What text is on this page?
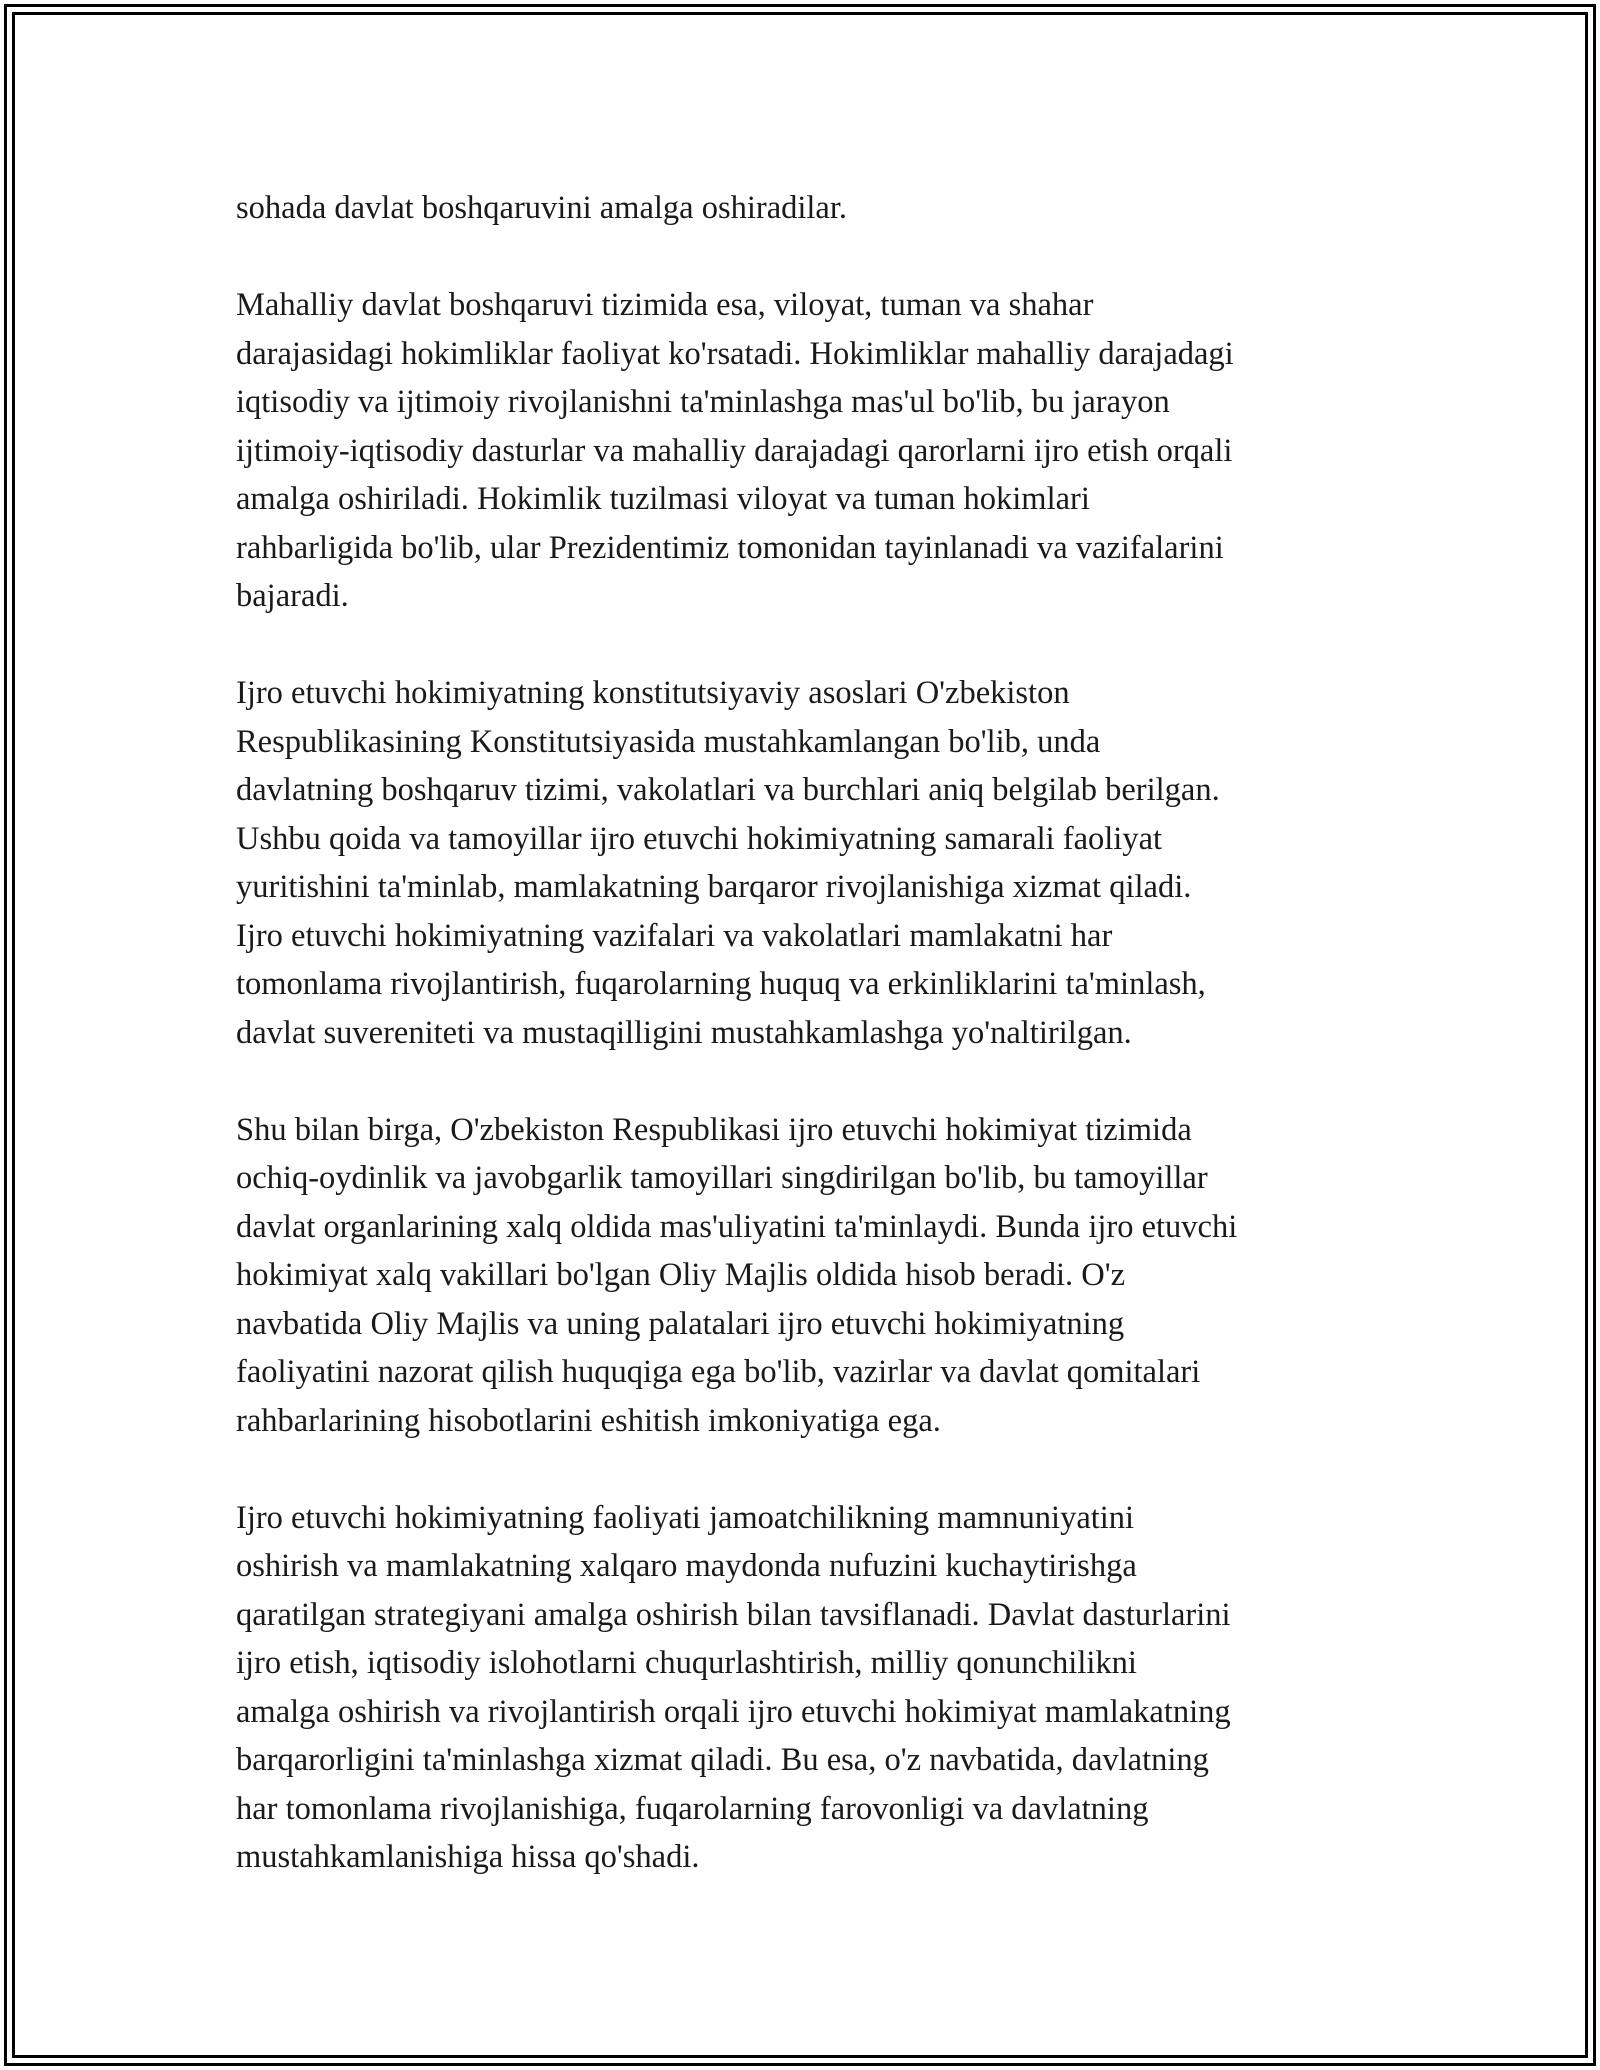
sohada davlat boshqaruvini amalga oshiradilar.

Mahalliy davlat boshqaruvi tizimida esa, viloyat, tuman va shahar
darajasidagi hokimliklar faoliyat ko'rsatadi. Hokimliklar mahalliy darajadagi
iqtisodiy va ijtimoiy rivojlanishni ta'minlashga mas'ul bo'lib, bu jarayon
ijtimoiy-iqtisodiy dasturlar va mahalliy darajadagi qarorlarni ijro etish orqali
amalga oshiriladi. Hokimlik tuzilmasi viloyat va tuman hokimlari
rahbarligida bo'lib, ular Prezidentimiz tomonidan tayinlanadi va vazifalarini
bajaradi.

Ijro etuvchi hokimiyatning konstitutsiyaviy asoslari O'zbekiston
Respublikasining Konstitutsiyasida mustahkamlangan bo'lib, unda
davlatning boshqaruv tizimi, vakolatlari va burchlari aniq belgilab berilgan.
Ushbu qoida va tamoyillar ijro etuvchi hokimiyatning samarali faoliyat
yuritishini ta'minlab, mamlakatning barqaror rivojlanishiga xizmat qiladi.
Ijro etuvchi hokimiyatning vazifalari va vakolatlari mamlakatni har
tomonlama rivojlantirish, fuqarolarning huquq va erkinliklarini ta'minlash,
davlat suvereniteti va mustaqilligini mustahkamlashga yo'naltirilgan.

Shu bilan birga, O'zbekiston Respublikasi ijro etuvchi hokimiyat tizimida
ochiq-oydinlik va javobgarlik tamoyillari singdirilgan bo'lib, bu tamoyillar
davlat organlarining xalq oldida mas'uliyatini ta'minlaydi. Bunda ijro etuvchi
hokimiyat xalq vakillari bo'lgan Oliy Majlis oldida hisob beradi. O'z
navbatida Oliy Majlis va uning palatalari ijro etuvchi hokimiyatning
faoliyatini nazorat qilish huquqiga ega bo'lib, vazirlar va davlat qomitalari
rahbarlarining hisobotlarini eshitish imkoniyatiga ega.

Ijro etuvchi hokimiyatning faoliyati jamoatchilikning mamnuniyatini
oshirish va mamlakatning xalqaro maydonda nufuzini kuchaytirishga
qaratilgan strategiyani amalga oshirish bilan tavsiflanadi. Davlat dasturlarini
ijro etish, iqtisodiy islohotlarni chuqurlashtirish, milliy qonunchilikni
amalga oshirish va rivojlantirish orqali ijro etuvchi hokimiyat mamlakatning
barqarorligini ta'minlashga xizmat qiladi. Bu esa, o'z navbatida, davlatning
har tomonlama rivojlanishiga, fuqarolarning farovonligi va davlatning
mustahkamlanishiga hissa qo'shadi.
